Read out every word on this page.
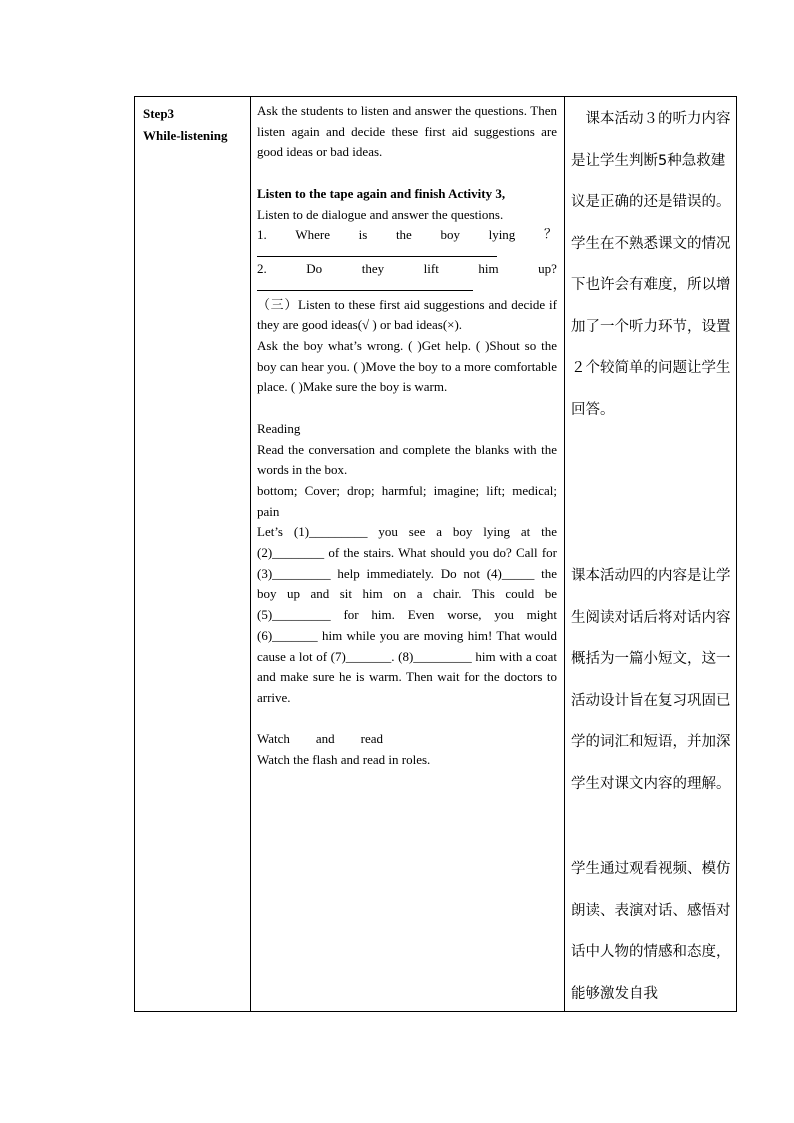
Step3
While-listening

Ask the students to listen and answer the questions. Then listen again and decide these first aid suggestions are good ideas or bad ideas.

Listen to the tape again and finish Activity 3,

Listen to de dialogue and answer the questions.

1. Where is the boy lying ？
2.	Do	they	lift	him	up?

（三）Listen to these first aid suggestions and decide if they are good ideas(√ ) or bad ideas(×).

Ask the boy what’s wrong. ( )Get help. ( )Shout so the boy can hear you. ( )Move the boy to a more comfortable place. ( )Make sure the boy is warm.

Reading

Read the conversation and complete the blanks with the words in the box.

bottom; Cover; drop; harmful; imagine; lift; medical; pain

Let’s (1)_________ you see a boy lying at the (2)________ of the stairs. What should you do? Call for (3)_________ help immediately. Do not (4)_____ the boy up and sit him on a chair. This could be (5)_________ for him. Even worse, you might (6)_______ him while you are moving him! That would cause a lot of (7)_______. (8)_________ him with a coat and make sure he is warm. Then wait for the doctors to arrive.

Watch　　and　　read

Watch the flash and read in roles.

课本活动３的听力内容是让学生判断5种急救建议是正确的还是错误的。学生在不熟悉课文的情况下也许会有难度，所以增加了一个听力环节，设置２个较简单的问题让学生回答。

课本活动四的内容是让学生阅读对话后将对话内容概括为一篇小短文，这一活动设计旨在复习巩固已学的词汇和短语，并加深学生对课文内容的理解。

学生通过观看视频、模仿朗读、表演对话、感悟对话中人物的情感和态度，能够激发自我
